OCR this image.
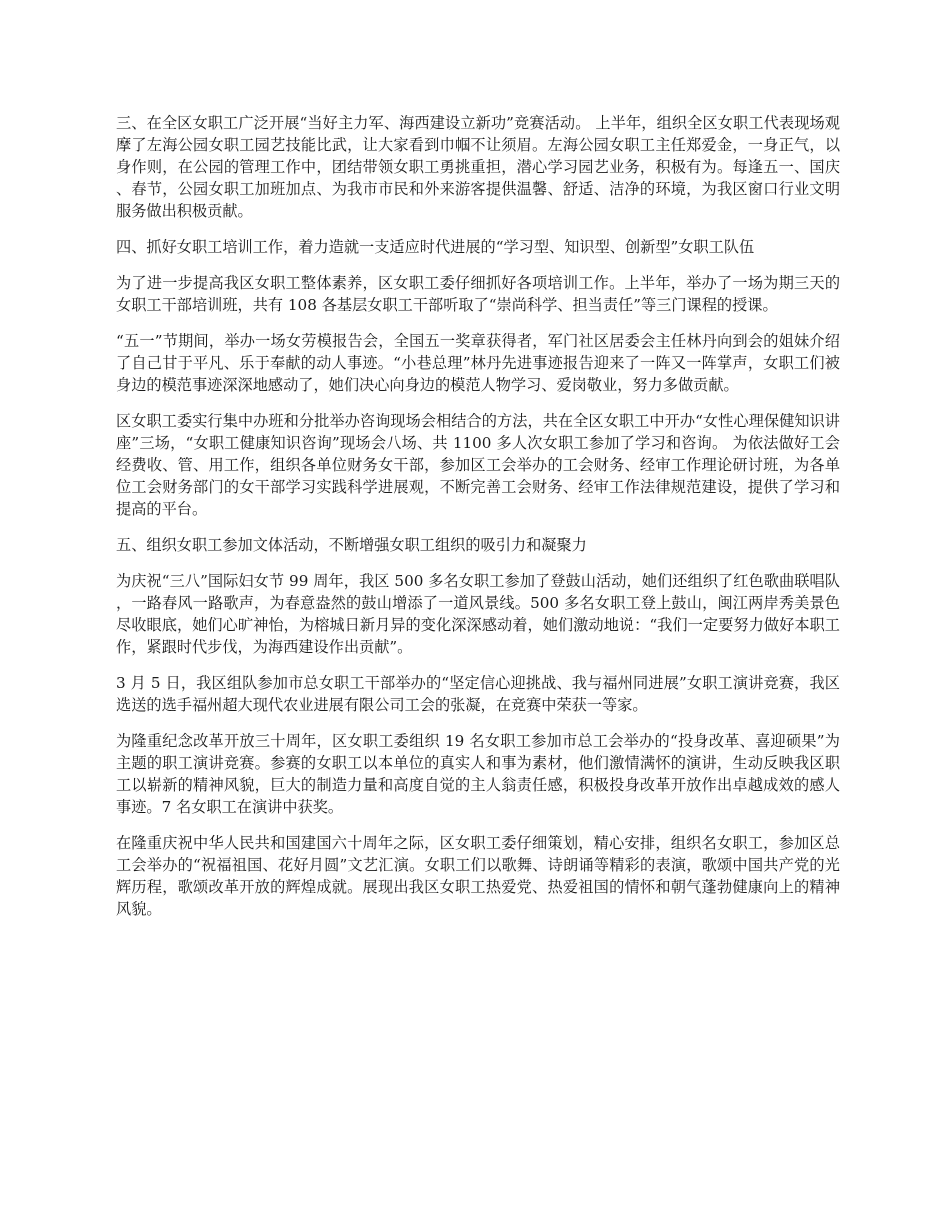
三、在全区女职工广泛开展“当好主力军、海西建设立新功”竞赛活动。 上半年，组织全区女职工代表现场观摩了左海公园女职工园艺技能比武，让大家看到巾帼不让须眉。左海公园女职工主任郑爱金，一身正气，以身作则，在公园的管理工作中，团结带领女职工勇挑重担，潜心学习园艺业务，积极有为。每逢五一、国庆、春节，公园女职工加班加点、为我市市民和外来游客提供温馨、舒适、洁净的环境，为我区窗口行业文明服务做出积极贡献。

四、抓好女职工培训工作，着力造就一支适应时代进展的“学习型、知识型、创新型”女职工队伍

为了进一步提高我区女职工整体素养，区女职工委仔细抓好各项培训工作。上半年，举办了一场为期三天的女职工干部培训班，共有 108 各基层女职工干部听取了“崇尚科学、担当责任”等三门课程的授课。

“五一”节期间，举办一场女劳模报告会，全国五一奖章获得者，军门社区居委会主任林丹向到会的姐妹介绍了自己甘于平凡、乐于奉献的动人事迹。“小巷总理”林丹先进事迹报告迎来了一阵又一阵掌声，女职工们被身边的模范事迹深深地感动了，她们决心向身边的模范人物学习、爱岗敬业，努力多做贡献。

区女职工委实行集中办班和分批举办咨询现场会相结合的方法，共在全区女职工中开办“女性心理保健知识讲座”三场，“女职工健康知识咨询”现场会八场、共 1100 多人次女职工参加了学习和咨询。 为依法做好工会经费收、管、用工作，组织各单位财务女干部，参加区工会举办的工会财务、经审工作理论研讨班，为各单位工会财务部门的女干部学习实践科学进展观，不断完善工会财务、经审工作法律规范建设，提供了学习和提高的平台。

五、组织女职工参加文体活动，不断增强女职工组织的吸引力和凝聚力

为庆祝“三八”国际妇女节 99 周年，我区 500 多名女职工参加了登鼓山活动，她们还组织了红色歌曲联唱队，一路春风一路歌声，为春意盎然的鼓山增添了一道风景线。500 多名女职工登上鼓山，闽江两岸秀美景色尽收眼底，她们心旷神怡，为榕城日新月异的变化深深感动着，她们激动地说：“我们一定要努力做好本职工作，紧跟时代步伐，为海西建设作出贡献”。

3 月 5 日，我区组队参加市总女职工干部举办的“坚定信心迎挑战、我与福州同进展”女职工演讲竞赛，我区选送的选手福州超大现代农业进展有限公司工会的张凝，在竞赛中荣获一等家。

为隆重纪念改革开放三十周年，区女职工委组织 19 名女职工参加市总工会举办的“投身改革、喜迎硕果”为主题的职工演讲竞赛。参赛的女职工以本单位的真实人和事为素材，他们激情满怀的演讲，生动反映我区职工以崭新的精神风貌，巨大的制造力量和高度自觉的主人翁责任感，积极投身改革开放作出卓越成效的感人事迹。7 名女职工在演讲中获奖。

在隆重庆祝中华人民共和国建国六十周年之际，区女职工委仔细策划，精心安排，组织名女职工，参加区总工会举办的“祝福祖国、花好月圆”文艺汇演。女职工们以歌舞、诗朗诵等精彩的表演，歌颂中国共产党的光辉历程，歌颂改革开放的辉煌成就。展现出我区女职工热爱党、热爱祖国的情怀和朝气蓬勃健康向上的精神风貌。
